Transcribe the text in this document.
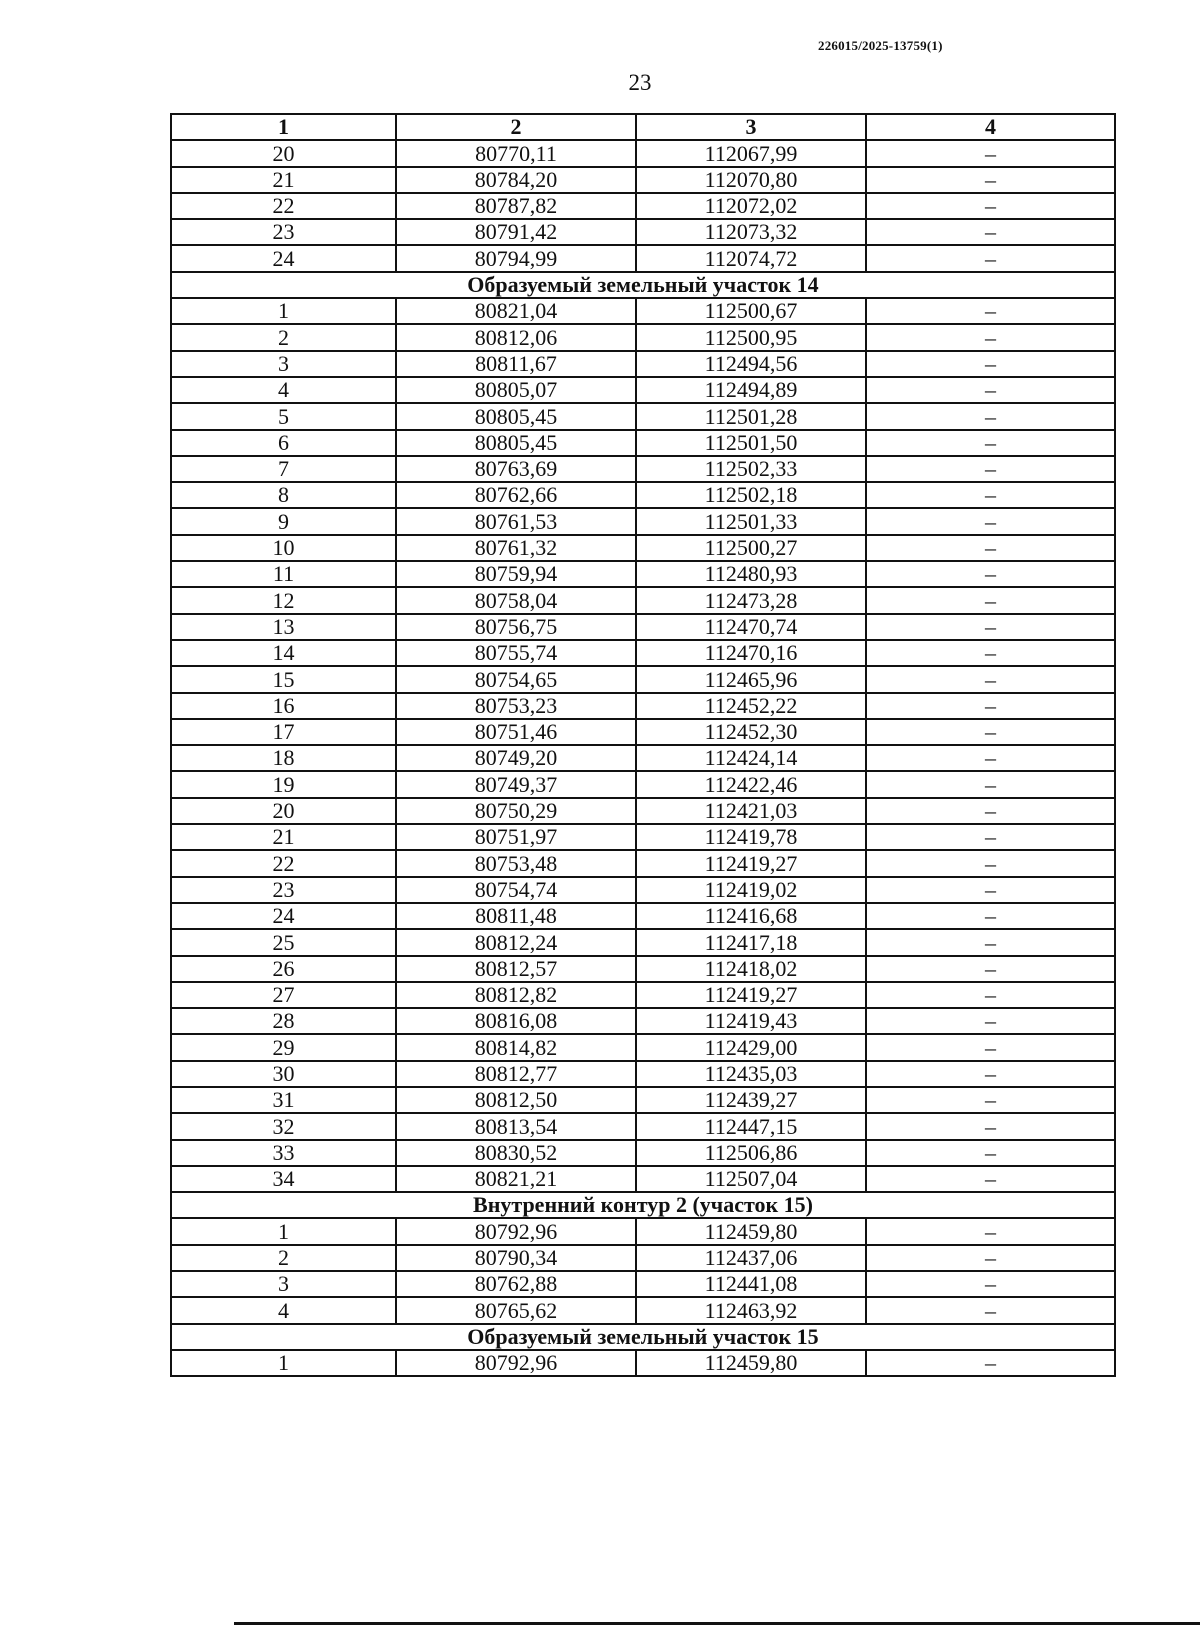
226015/2025-13759(1)
23
1	2	3	4
20	80770,11	112067,99	–
21	80784,20	112070,80	–
22	80787,82	112072,02	–
23	80791,42	112073,32	–
24	80794,99	112074,72	–
Образуемый земельный участок 14			
1	80821,04	112500,67	–
2	80812,06	112500,95	–
3	80811,67	112494,56	–
4	80805,07	112494,89	–
5	80805,45	112501,28	–
6	80805,45	112501,50	–
7	80763,69	112502,33	–
8	80762,66	112502,18	–
9	80761,53	112501,33	–
10	80761,32	112500,27	–
11	80759,94	112480,93	–
12	80758,04	112473,28	–
13	80756,75	112470,74	–
14	80755,74	112470,16	–
15	80754,65	112465,96	–
16	80753,23	112452,22	–
17	80751,46	112452,30	–
18	80749,20	112424,14	–
19	80749,37	112422,46	–
20	80750,29	112421,03	–
21	80751,97	112419,78	–
22	80753,48	112419,27	–
23	80754,74	112419,02	–
24	80811,48	112416,68	–
25	80812,24	112417,18	–
26	80812,57	112418,02	–
27	80812,82	112419,27	–
28	80816,08	112419,43	–
29	80814,82	112429,00	–
30	80812,77	112435,03	–
31	80812,50	112439,27	–
32	80813,54	112447,15	–
33	80830,52	112506,86	–
34	80821,21	112507,04	–
Внутренний контур 2 (участок 15)			
1	80792,96	112459,80	–
2	80790,34	112437,06	–
3	80762,88	112441,08	–
4	80765,62	112463,92	–
Образуемый земельный участок 15			
1	80792,96	112459,80	–
